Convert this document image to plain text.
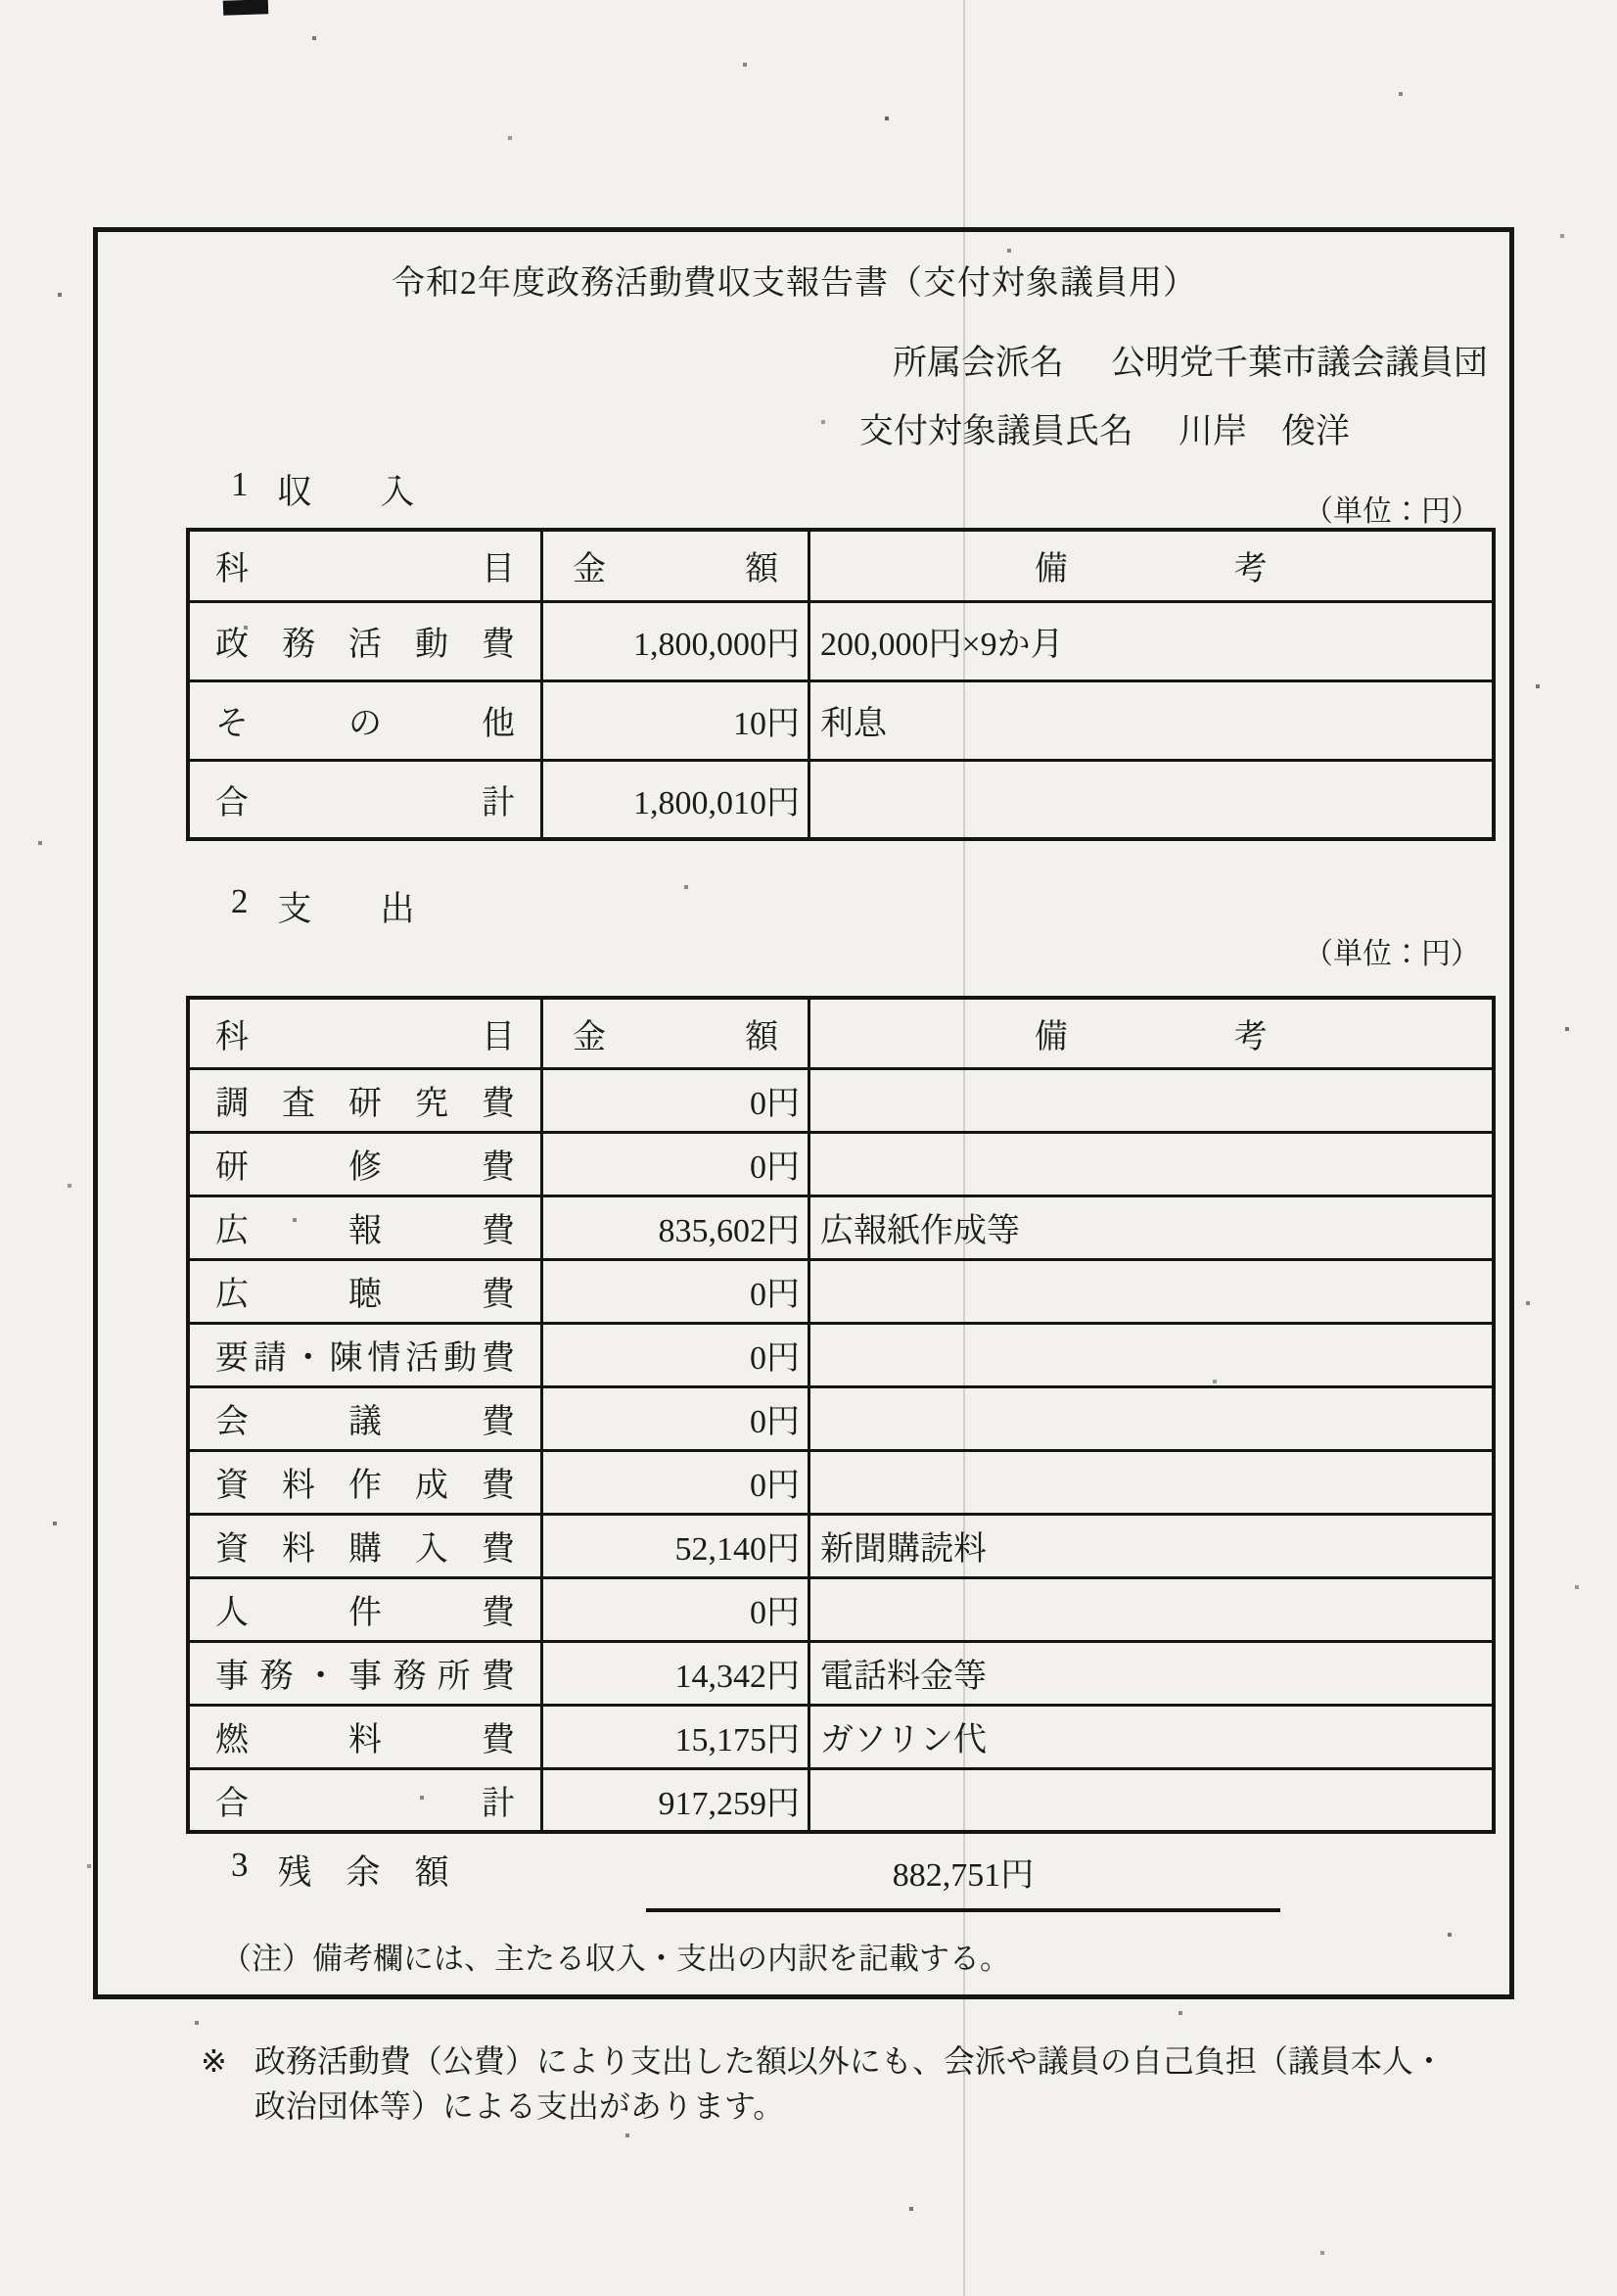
令和2年度政務活動費収支報告書（交付対象議員用）
所属会派名 公明党千葉市議会議員団
交付対象議員氏名 川岸　俊洋
1 収　　入
（単位：円）
科　目	金　額	備　　　　　考
政　務　活　動　費	1,800,000円	200,000円×9か月
そ　の　他	10円	利息
合　計	1,800,010円	
2 支　　出
（単位：円）
科　目	金　額	備　　　　　考
調　査　研　究　費	0円	
研　修　費	0円	
広　報　費	835,602円	広報紙作成等
広　聴　費	0円	
要請・陳情活動費	0円	
会　議　費	0円	
資　料　作　成　費	0円	
資　料　購　入　費	52,140円	新聞購読料
人　件　費	0円	
事務・事務所費	14,342円	電話料金等
燃　料　費	15,175円	ガソリン代
合　計	917,259円	
3 残　余　額	882,751円
（注）備考欄には、主たる収入・支出の内訳を記載する。
※ 政務活動費（公費）により支出した額以外にも、会派や議員の自己負担（議員本人・
政治団体等）による支出があります。
